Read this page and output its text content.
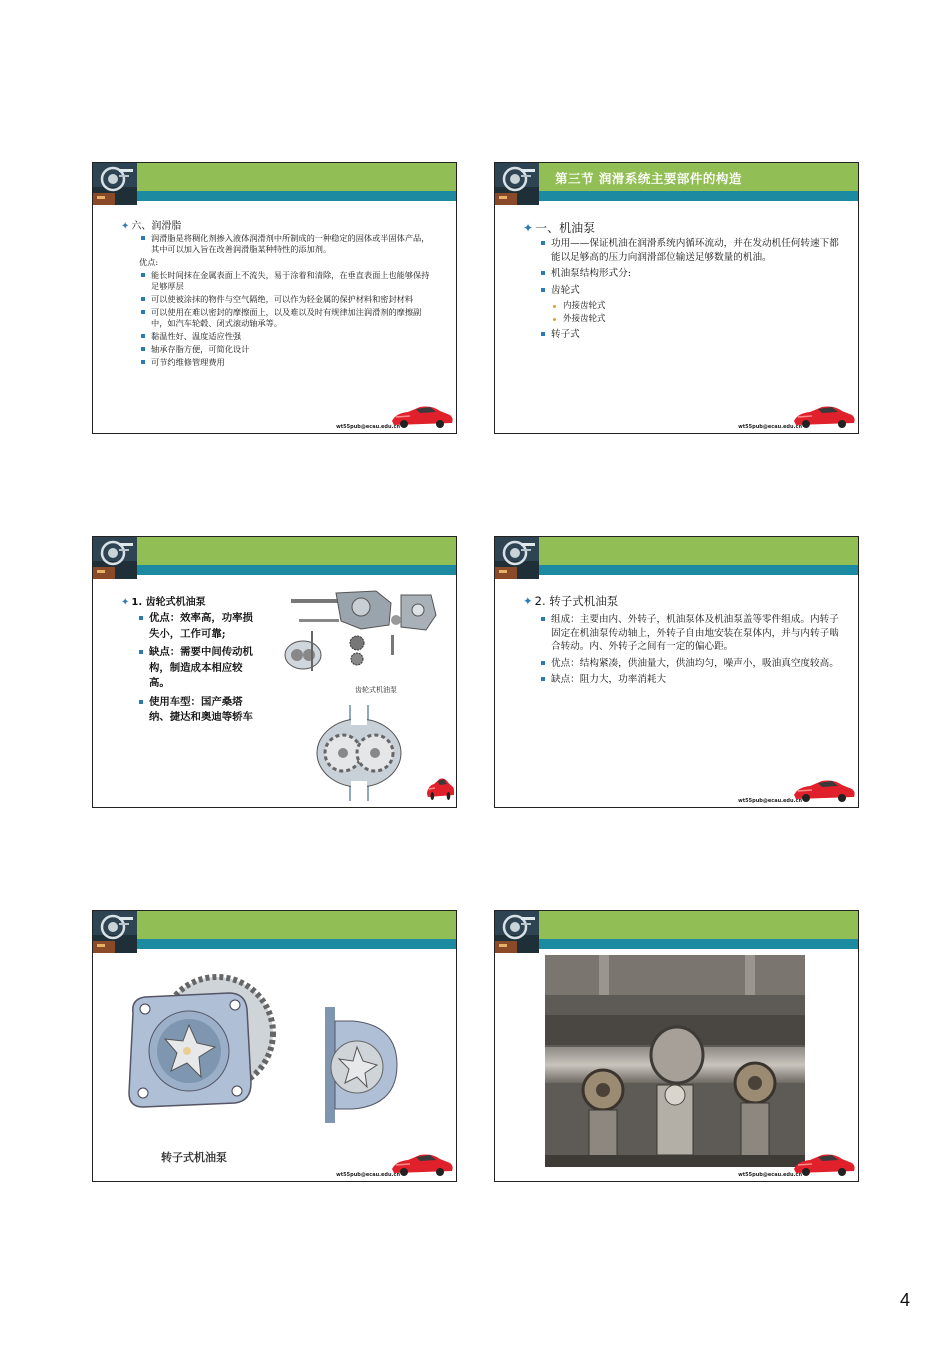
✦ 六、润滑脂
润滑脂是将稠化剂掺入液体润滑剂中所制成的一种稳定的固体或半固体产品，其中可以加入旨在改善润滑脂某种特性的添加剂。
优点:
能长时间抹在金属表面上不流失，易于涂着和清除，在垂直表面上也能够保持足够厚层
可以使被涂抹的物件与空气隔绝，可以作为轻金属的保护材料和密封材料
可以使用在难以密封的摩擦面上，以及难以及时有规律加注润滑剂的摩擦副中，如汽车轮毂、闭式滚动轴承等。
黏温性好、温度适应性强
轴承存脂方便，可简化设计
可节约维修管理费用
wt55pub@ecau.edu.cn
第三节 润滑系统主要部件的构造
✦ 一、机油泵
功用——保证机油在润滑系统内循环流动，并在发动机任何转速下都能以足够高的压力向润滑部位输送足够数量的机油。
机油泵结构形式分:
齿轮式
内接齿轮式
外接齿轮式
转子式
wt55pub@ecau.edu.cn
✦ 1. 齿轮式机油泵
优点：效率高，功率损失小，工作可靠;
缺点：需要中间传动机构，制造成本相应较高。
使用车型：国产桑塔纳、捷达和奥迪等轿车
齿轮式机油泵
✦ 2. 转子式机油泵
组成：主要由内、外转子，机油泵体及机油泵盖等零件组成。内转子固定在机油泵传动轴上，外转子自由地安装在泵体内，并与内转子啮合转动。内、外转子之间有一定的偏心距。
优点：结构紧凑，供油量大，供油均匀，噪声小，吸油真空度较高。
缺点：阻力大，功率消耗大
wt55pub@ecau.edu.cn
转子式机油泵
wt55pub@ecau.edu.cn	wt55pub@ecau.edu.cn
4
